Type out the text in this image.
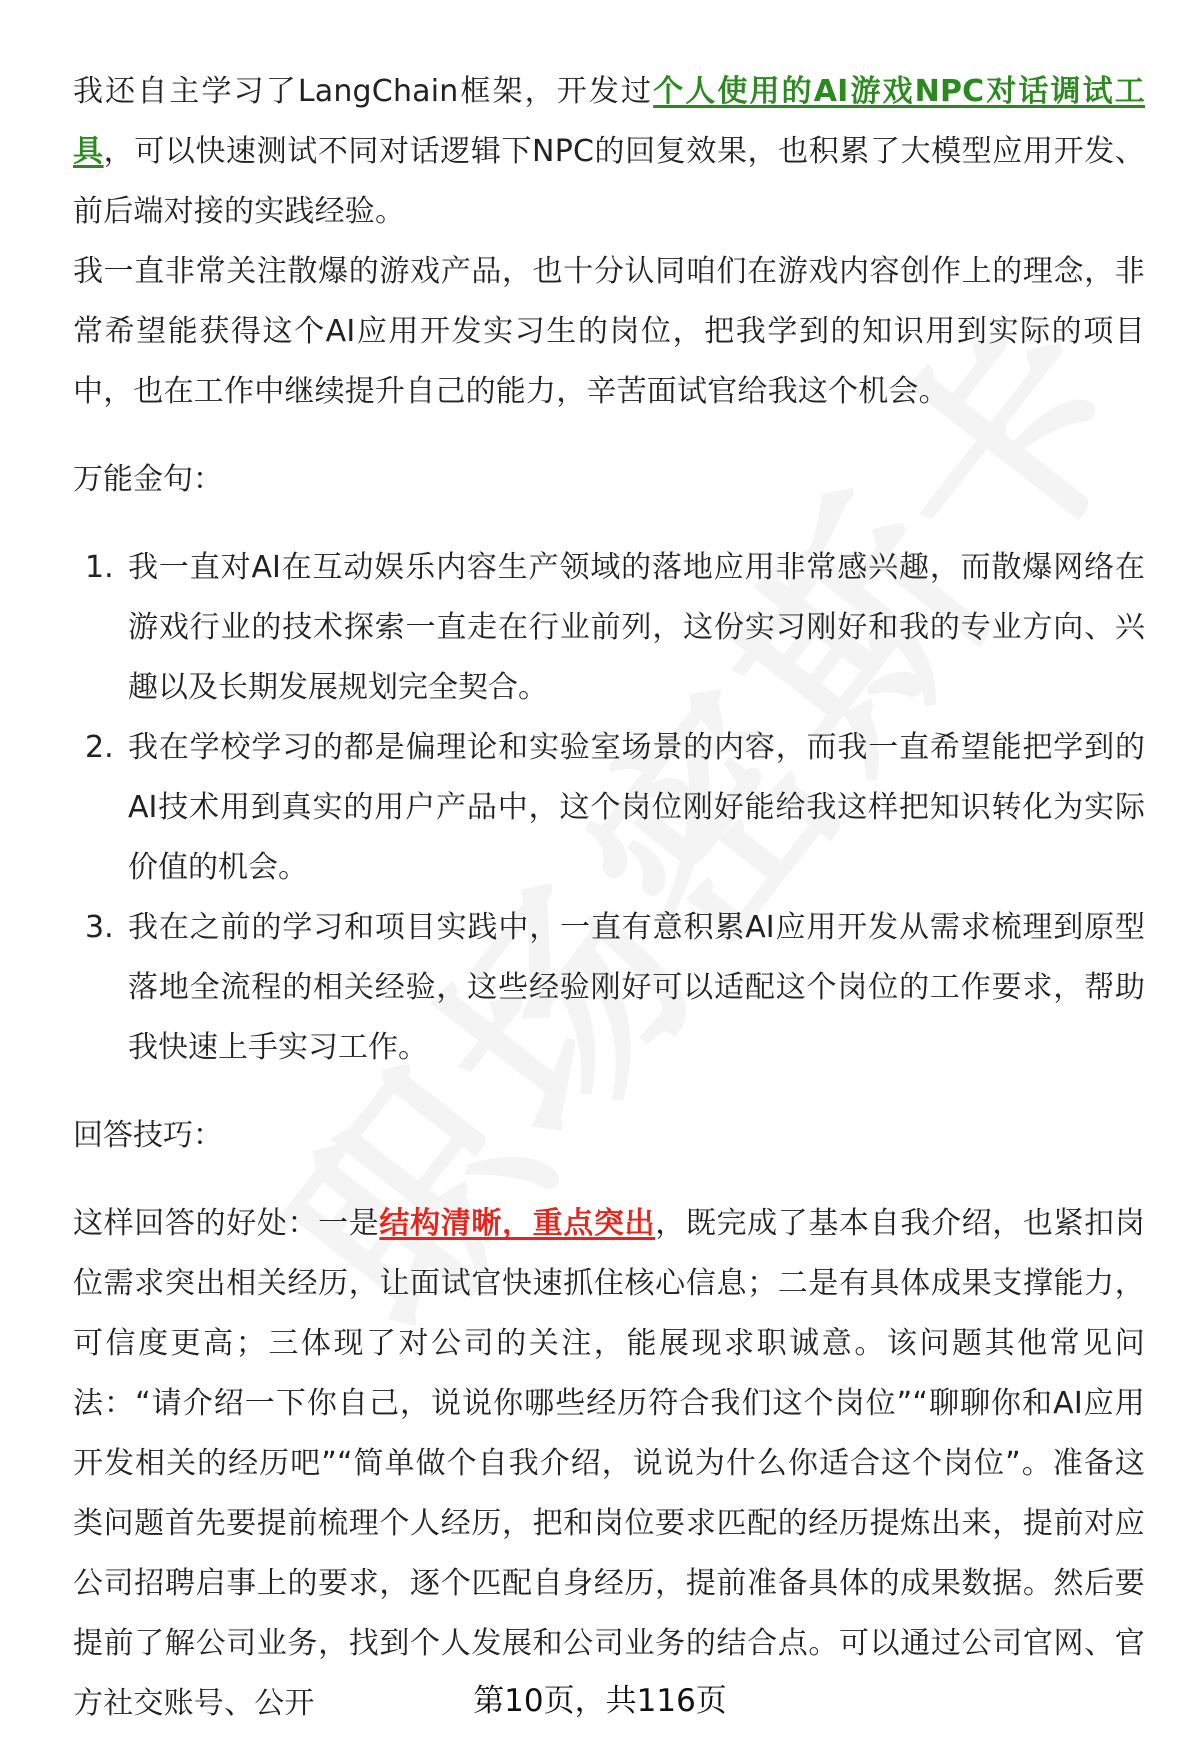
我还自主学习了LangChain框架，开发过个人使用的AI游戏NPC对话调试工具，可以快速测试不同对话逻辑下NPC的回复效果，也积累了大模型应用开发、前后端对接的实践经验。

我一直非常关注散爆的游戏产品，也十分认同咱们在游戏内容创作上的理念，非常希望能获得这个AI应用开发实习生的岗位，把我学到的知识用到实际的项目中，也在工作中继续提升自己的能力，辛苦面试官给我这个机会。

万能金句：

1. 我一直对AI在互动娱乐内容生产领域的落地应用非常感兴趣，而散爆网络在游戏行业的技术探索一直走在行业前列，这份实习刚好和我的专业方向、兴趣以及长期发展规划完全契合。
2. 我在学校学习的都是偏理论和实验室场景的内容，而我一直希望能把学到的AI技术用到真实的用户产品中，这个岗位刚好能给我这样把知识转化为实际价值的机会。
3. 我在之前的学习和项目实践中，一直有意积累AI应用开发从需求梳理到原型落地全流程的相关经验，这些经验刚好可以适配这个岗位的工作要求，帮助我快速上手实习工作。

回答技巧：

这样回答的好处：一是结构清晰，重点突出，既完成了基本自我介绍，也紧扣岗位需求突出相关经历，让面试官快速抓住核心信息；二是有具体成果支撑能力，可信度更高；三体现了对公司的关注，能展现求职诚意。该问题其他常见问法：“请介绍一下你自己，说说你哪些经历符合我们这个岗位”“聊聊你和AI应用开发相关的经历吧”“简单做个自我介绍，说说为什么你适合这个岗位”。准备这类问题首先要提前梳理个人经历，把和岗位要求匹配的经历提炼出来，提前对应公司招聘启事上的要求，逐个匹配自身经历，提前准备具体的成果数据。然后要提前了解公司业务，找到个人发展和公司业务的结合点。可以通过公司官网、官方社交账号、公开	第10页，共116页
